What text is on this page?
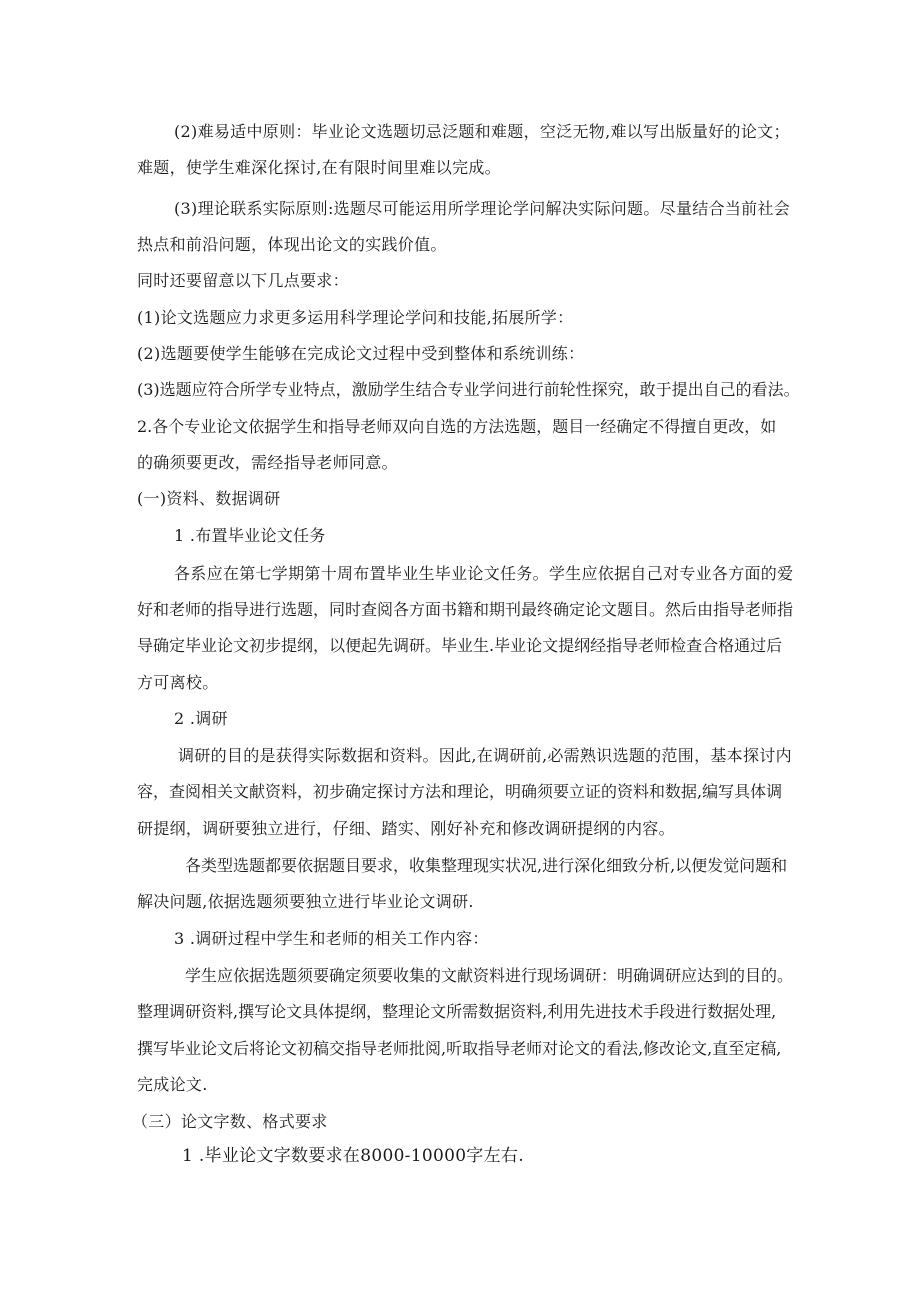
(2)难易适中原则：毕业论文选题切忌泛题和难题，空泛无物,难以写出版量好的论文；
难题，使学生难深化探讨,在有限时间里难以完成。
(3)理论联系实际原则:选题尽可能运用所学理论学问解决实际问题。尽量结合当前社会
热点和前沿问题，体现出论文的实践价值。
同时还要留意以下几点要求：
(1)论文选题应力求更多运用科学理论学问和技能,拓展所学：
(2)选题要使学生能够在完成论文过程中受到整体和系统训练：
(3)选题应符合所学专业特点，激励学生结合专业学问进行前轮性探究，敢于提出自己的看法。
2.各个专业论文依据学生和指导老师双向自选的方法选题，题目一经确定不得擅自更改，如
的确须要更改，需经指导老师同意。
(一)资料、数据调研
1 .布置毕业论文任务
各系应在第七学期第十周布置毕业生毕业论文任务。学生应依据自己对专业各方面的爱
好和老师的指导进行选题，同时查阅各方面书籍和期刊最终确定论文题目。然后由指导老师指
导确定毕业论文初步提纲，以便起先调研。毕业生.毕业论文提纲经指导老师检查合格通过后
方可离校。
2 .调研
调研的目的是获得实际数据和资料。因此,在调研前,必需熟识选题的范围，基本探讨内
容，查阅相关文献资料，初步确定探讨方法和理论，明确须要立证的资料和数据,编写具体调
研提纲，调研要独立进行，仔细、踏实、刚好补充和修改调研提纲的内容。
各类型选题都要依据题目要求，收集整理现实状况,进行深化细致分析,以便发觉问题和
解决问题,依据选题须要独立进行毕业论文调研.
3 .调研过程中学生和老师的相关工作内容：
学生应依据选题须要确定须要收集的文献资料进行现场调研：明确调研应达到的目的。
整理调研资料,撰写论文具体提纲，整理论文所需数据资料,利用先进技术手段进行数据处理,
撰写毕业论文后将论文初稿交指导老师批阅,听取指导老师对论文的看法,修改论文,直至定稿,
完成论文.
（三）论文字数、格式要求
1 .毕业论文字数要求在8000-10000字左右.
